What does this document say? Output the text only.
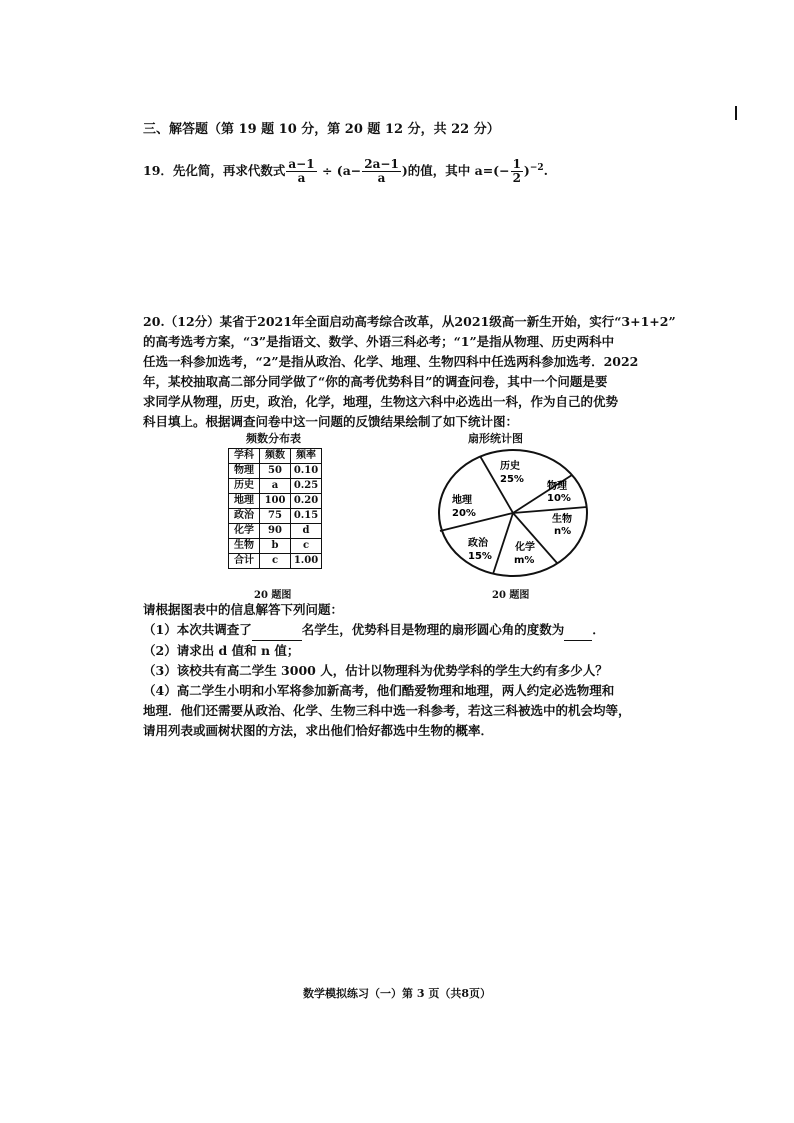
三、解答题（第 19 题 10 分，第 20 题 12 分，共 22 分）
19．先化简，再求代数式 $\frac{a-1}{a} \div (a- \frac{2a-1}{a}$ )的值，其中 $a=(- \frac{1}{2} )^{-2}$.
20.（12分）某省于2021年全面启动高考综合改革，从2021级高一新生开始，实行“3+1+2”
的高考选考方案，“3”是指语文、数学、外语三科必考；“1”是指从物理、历史两科中
任选一科参加选考，“2”是指从政治、化学、地理、生物四科中任选两科参加选考．2022
年，某校抽取高二部分同学做了“你的高考优势科目”的调查问卷，其中一个问题是要
求同学从物理，历史，政治，化学，地理，生物这六科中必选出一科，作为自己的优势
科目填上。根据调查问卷中这一问题的反馈结果绘制了如下统计图：
频数分布表
学科	频数	频率
物理	50	0.10
历史	a	0.25
地理	100	0.20
政治	75	0.15
化学	90	d
生物	b	c
合计	c	1.00
20 题图
扇形统计图
历史
25%
物理
10%
生物
n%
化学
m%
政治
15%
地理
20%
20 题图
请根据图表中的信息解答下列问题：
（1）本次共调查了	名学生，优势科目是物理的扇形圆心角的度数为 ．
（2）请求出 d 值和 n 值；
（3）该校共有高二学生 3000 人，估计以物理科为优势学科的学生大约有多少人？
（4）高二学生小明和小军将参加新高考，他们酷爱物理和地理，两人约定必选物理和
地理．他们还需要从政治、化学、生物三科中选一科参考，若这三科被选中的机会均等，
请用列表或画树状图的方法，求出他们恰好都选中生物的概率．
数学模拟练习（一）第 3 页（共8页）
